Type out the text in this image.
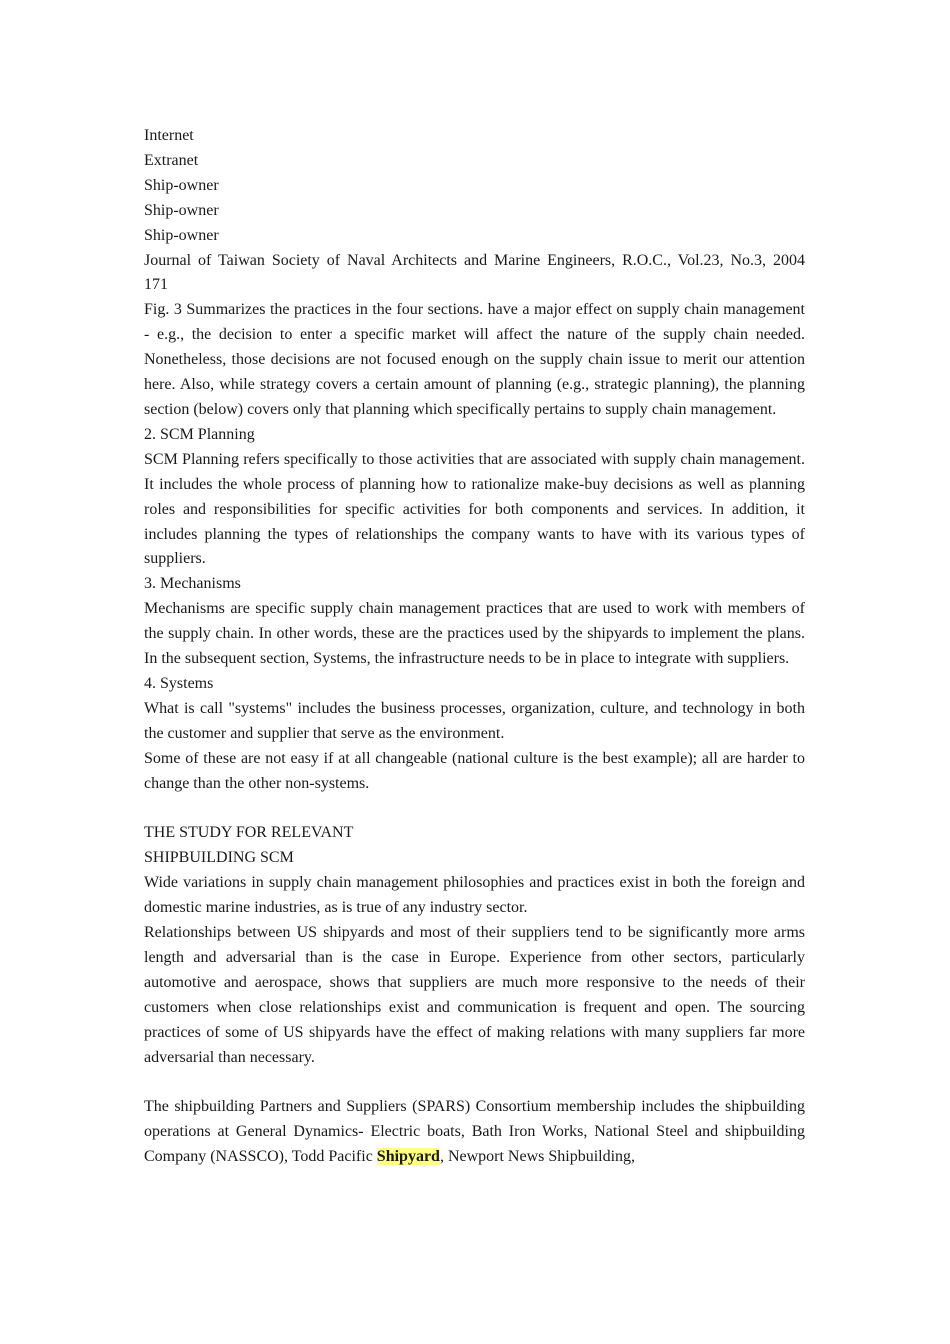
Internet
Extranet
Ship-owner
Ship-owner
Ship-owner
Journal of Taiwan Society of Naval Architects and Marine Engineers, R.O.C., Vol.23, No.3, 2004
171

Fig. 3 Summarizes the practices in the four sections. have a major effect on supply chain management - e.g., the decision to enter a specific market will affect the nature of the supply chain needed. Nonetheless, those decisions are not focused enough on the supply chain issue to merit our attention here. Also, while strategy covers a certain amount of planning (e.g., strategic planning), the planning section (below) covers only that planning which specifically pertains to supply chain management.

2. SCM Planning

SCM Planning refers specifically to those activities that are associated with supply chain management. It includes the whole process of planning how to rationalize make-buy decisions as well as planning roles and responsibilities for specific activities for both components and services. In addition, it includes planning the types of relationships the company wants to have with its various types of suppliers.

3. Mechanisms

Mechanisms are specific supply chain management practices that are used to work with members of the supply chain. In other words, these are the practices used by the shipyards to implement the plans. In the subsequent section, Systems, the infrastructure needs to be in place to integrate with suppliers.

4. Systems

What is call "systems" includes the business processes, organization, culture, and technology in both the customer and supplier that serve as the environment.

Some of these are not easy if at all changeable (national culture is the best example); all are harder to change than the other non-systems.

THE STUDY FOR RELEVANT
SHIPBUILDING SCM

Wide variations in supply chain management philosophies and practices exist in both the foreign and domestic marine industries, as is true of any industry sector.

Relationships between US shipyards and most of their suppliers tend to be significantly more arms length and adversarial than is the case in Europe. Experience from other sectors, particularly automotive and aerospace, shows that suppliers are much more responsive to the needs of their customers when close relationships exist and communication is frequent and open. The sourcing practices of some of US shipyards have the effect of making relations with many suppliers far more adversarial than necessary.

The shipbuilding Partners and Suppliers (SPARS) Consortium membership includes the shipbuilding operations at General Dynamics- Electric boats, Bath Iron Works, National Steel and shipbuilding Company (NASSCO), Todd Pacific Shipyard, Newport News Shipbuilding,
